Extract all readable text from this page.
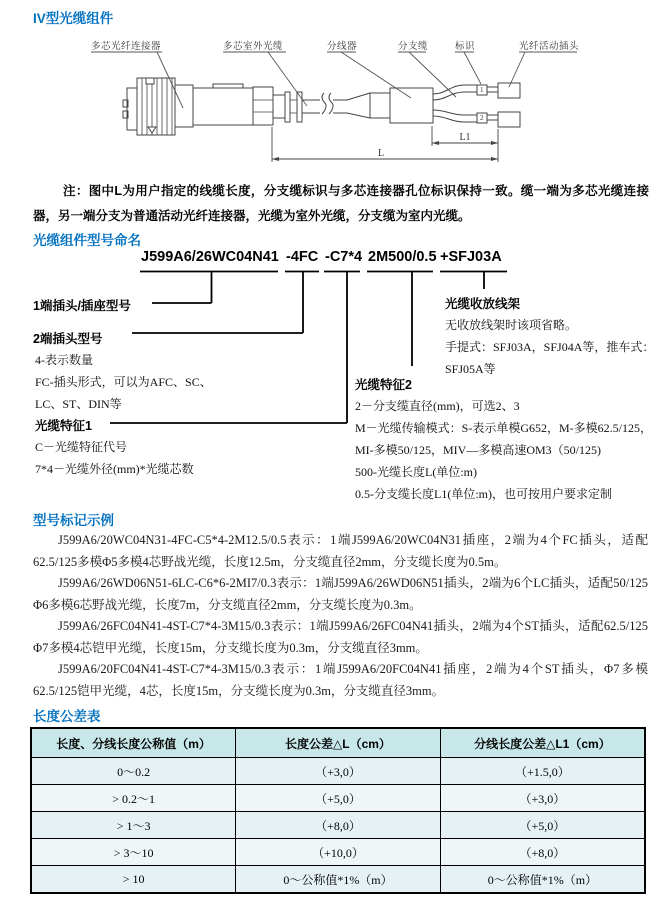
IV型光缆组件
多芯光纤连接器	多芯室外光缆	分线器	分支缆	标识	光纤活动插头
1
2
L1
L
注：图中L为用户指定的线缆长度，分支缆标识与多芯连接器孔位标识保持一致。缆一端为多芯光缆连接器，另一端分支为普通活动光纤连接器，光缆为室外光缆，分支缆为室内光缆。
光缆组件型号命名
J599A6/26WC04N41 -4FC -C7*4 2M500/0.5 +SFJ03A
1端插头/插座型号
2端插头型号
4-表示数量
FC-插头形式，可以为AFC、SC、
LC、ST、DIN等
光缆特征1
C－光缆特征代号
7*4－光缆外径(mm)*光缆芯数
光缆特征2
2－分支缆直径(mm)，可选2、3
M－光缆传输模式：S-表示单模G652，M-多模62.5/125，
MI-多模50/125，MIV—多模高速OM3（50/125)
500-光缆长度L(单位:m)
0.5-分支缆长度L1(单位:m)，也可按用户要求定制
光缆收放线架
无收放线架时该项省略。
手提式：SFJ03A，SFJ04A等，推车式：
SFJ05A等
型号标记示例

J599A6/20WC04N31-4FC-C5*4-2M12.5/0.5表示：1端J599A6/20WC04N31插座，2端为4个FC插头，适配62.5/125多模Φ5多模4芯野战光缆，长度12.5m，分支缆直径2mm，分支缆长度为0.5m。

J599A6/26WD06N51-6LC-C6*6-2MI7/0.3表示：1端J599A6/26WD06N51插头，2端为6个LC插头，适配50/125 Φ6多模6芯野战光缆，长度7m，分支缆直径2mm，分支缆长度为0.3m。

J599A6/26FC04N41-4ST-C7*4-3M15/0.3表示：1端J599A6/26FC04N41插头，2端为4个ST插头，适配62.5/125 Φ7多模4芯铠甲光缆，长度15m，分支缆长度为0.3m，分支缆直径3mm。

J599A6/20FC04N41-4ST-C7*4-3M15/0.3表示：1端J599A6/20FC04N41插座，2端为4个ST插头，Φ7多模62.5/125铠甲光缆，4芯，长度15m，分支缆长度为0.3m，分支缆直径3mm。

长度公差表
长度、分线长度公称值（m）	长度公差△L（cm）	分线长度公差△L1（cm）
0～0.2	（+3,0）	（+1.5,0）
> 0.2～1	（+5,0）	（+3,0）
> 1～3	（+8,0）	（+5,0）
> 3～10	（+10,0）	（+8,0）
> 10	0～公称值*1%（m）	0～公称值*1%（m）
